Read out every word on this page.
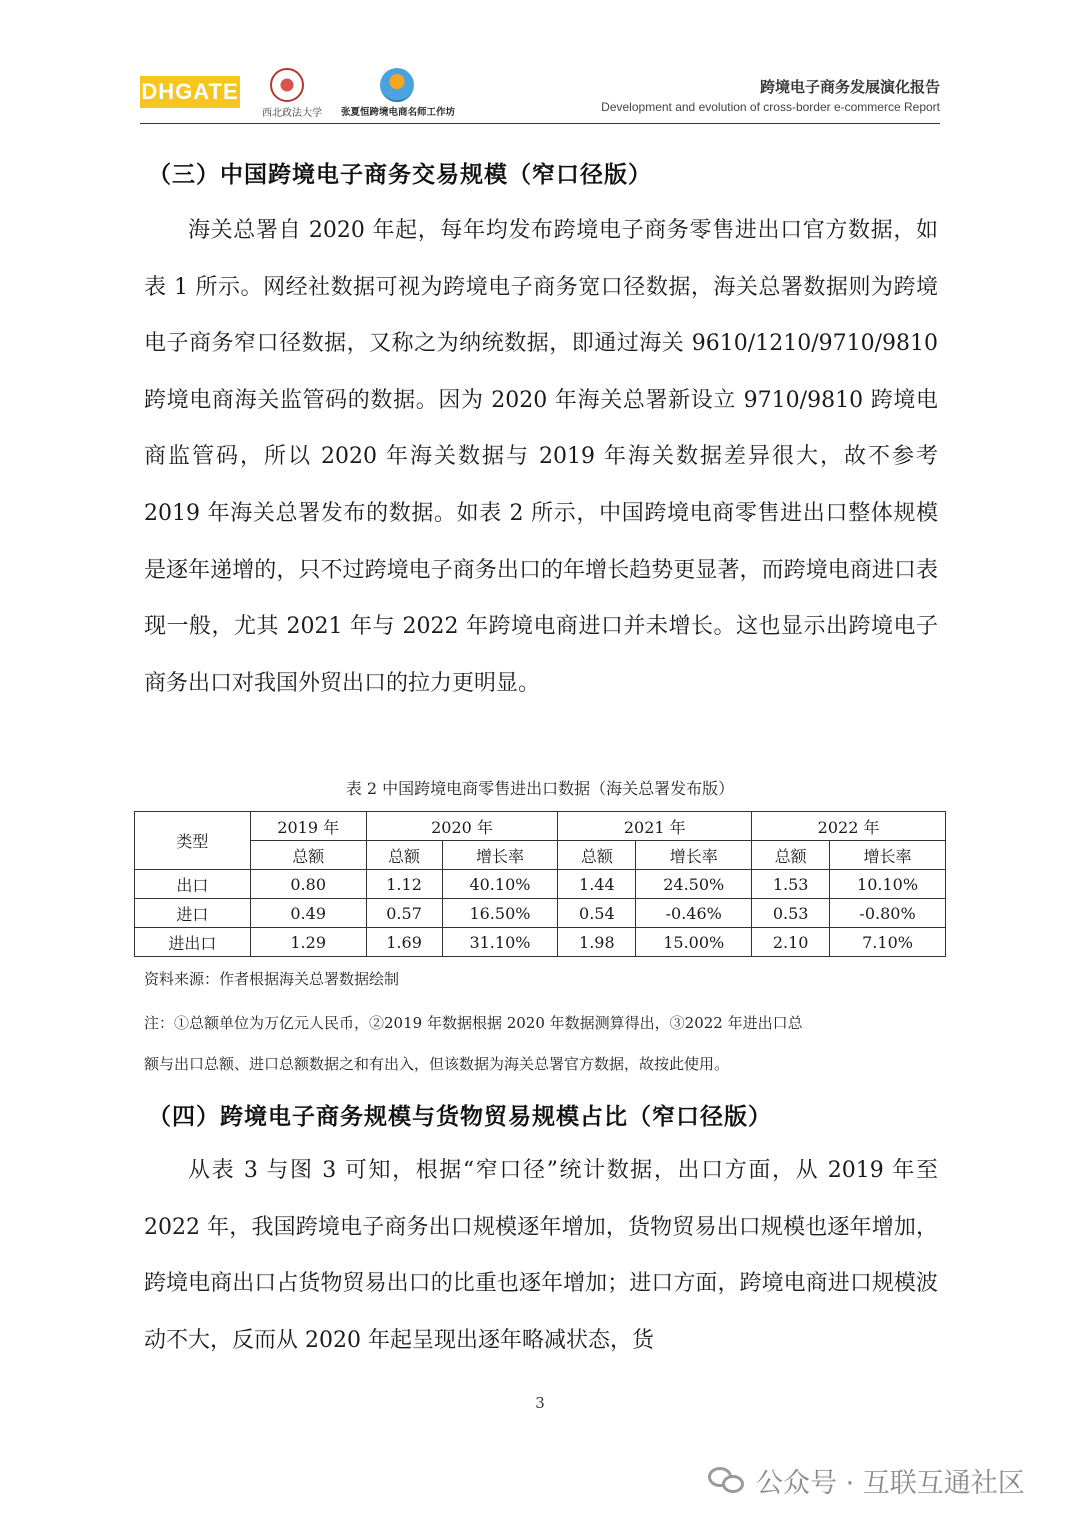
DHGATE
西北政法大学	张夏恒跨境电商名师工作坊
跨境电子商务发展演化报告
Development and evolution of cross-border e-commerce Report
（三）中国跨境电子商务交易规模（窄口径版）
海关总署自 2020 年起，每年均发布跨境电子商务零售进出口官方数据，如表 1 所示。网经社数据可视为跨境电子商务宽口径数据，海关总署数据则为跨境电子商务窄口径数据，又称之为纳统数据，即通过海关 9610/1210/9710/9810 跨境电商海关监管码的数据。因为 2020 年海关总署新设立 9710/9810 跨境电商监管码，所以 2020 年海关数据与 2019 年海关数据差异很大，故不参考 2019 年海关总署发布的数据。如表 2 所示，中国跨境电商零售进出口整体规模是逐年递增的，只不过跨境电子商务出口的年增长趋势更显著，而跨境电商进口表现一般，尤其 2021 年与 2022 年跨境电商进口并未增长。这也显示出跨境电子商务出口对我国外贸出口的拉力更明显。
表 2 中国跨境电商零售进出口数据（海关总署发布版）
类型	2019 年	2020 年		2021 年		2022 年	
	总额	总额	增长率	总额	增长率	总额	增长率
出口	0.80	1.12	40.10%	1.44	24.50%	1.53	10.10%
进口	0.49	0.57	16.50%	0.54	-0.46%	0.53	-0.80%
进出口	1.29	1.69	31.10%	1.98	15.00%	2.10	7.10%
资料来源：作者根据海关总署数据绘制
注：①总额单位为万亿元人民币，②2019 年数据根据 2020 年数据测算得出，③2022 年进出口总
额与出口总额、进口总额数据之和有出入，但该数据为海关总署官方数据，故按此使用。
（四）跨境电子商务规模与货物贸易规模占比（窄口径版）
从表 3 与图 3 可知，根据“窄口径”统计数据，出口方面，从 2019 年至 2022 年，我国跨境电子商务出口规模逐年增加，货物贸易出口规模也逐年增加，跨境电商出口占货物贸易出口的比重也逐年增加；进口方面，跨境电商进口规模波动不大，反而从 2020 年起呈现出逐年略减状态，货
3
公众号 · 互联互通社区
